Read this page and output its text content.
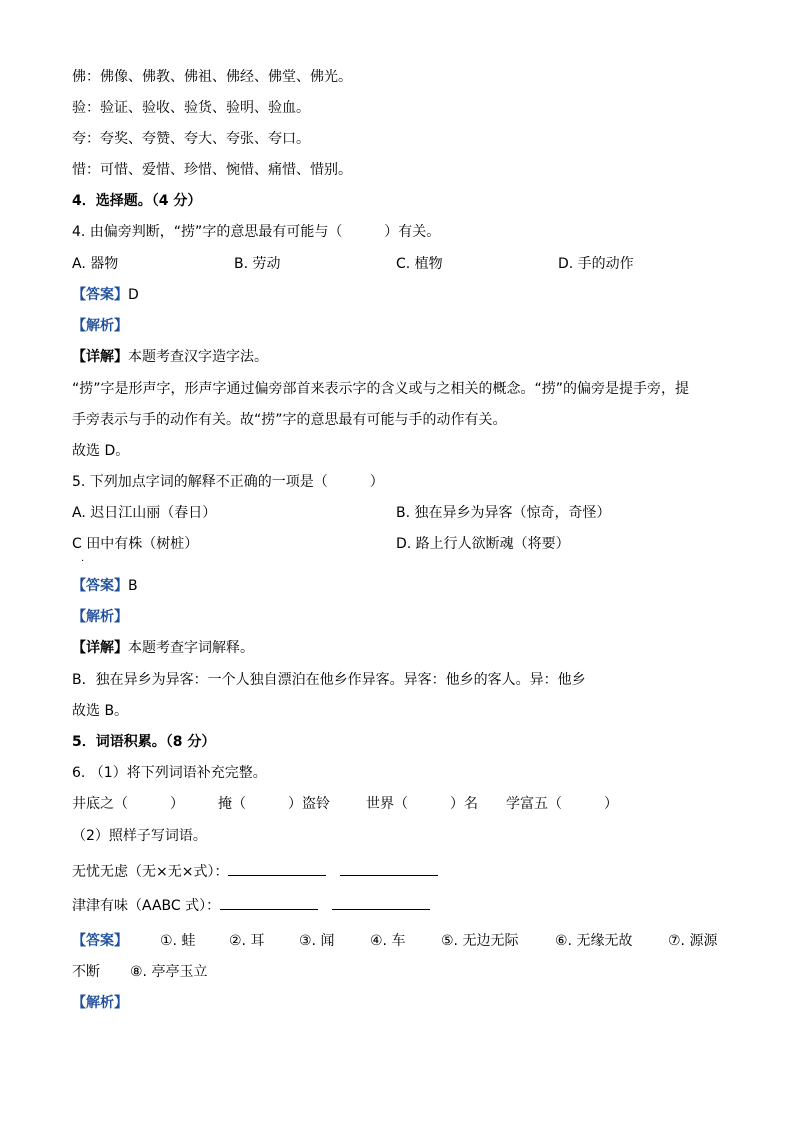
佛：佛像、佛教、佛祖、佛经、佛堂、佛光。
验：验证、验收、验货、验明、验血。
夸：夸奖、夸赞、夸大、夸张、夸口。
惜：可惜、爱惜、珍惜、惋惜、痛惜、惜别。
4．选择题。（4 分）
4. 由偏旁判断，“捞”字的意思最有可能与（　　　）有关。
A. 器物	B. 劳动	C. 植物	D. 手的动作
【答案】D
【解析】
【详解】本题考查汉字造字法。
“捞”字是形声字，形声字通过偏旁部首来表示字的含义或与之相关的概念。“捞”的偏旁是提手旁，提
手旁表示与手的动作有关。故“捞”字的意思最有可能与手的动作有关。
故选 D。
5. 下列加点字词的解释不正确的一项是（　　　）
A. 迟日江山丽（春日）	B. 独在异乡为异客（惊奇，奇怪）
C 田中有株（树桩）	D. 路上行人欲断魂（将要）
·
【答案】B
【解析】
【详解】本题考查字词解释。
B．独在异乡为异客：一个人独自漂泊在他乡作异客。异客：他乡的客人。异：他乡
故选 B。
5．词语积累。（8 分）
6. （1）将下列词语补充完整。
井底之（　　　） 掩（　　　）盗铃	世界（　　　）名 学富五（　　　）
（2）照样子写词语。
无忧无虑（无×无×式）：
津津有味（AABC 式）：
【答案】 ①. 蛙 ②. 耳 ③. 闻	④. 车	⑤. 无边无际	⑥. 无缘无故	⑦. 源源
不断 ⑧. 亭亭玉立
【解析】
